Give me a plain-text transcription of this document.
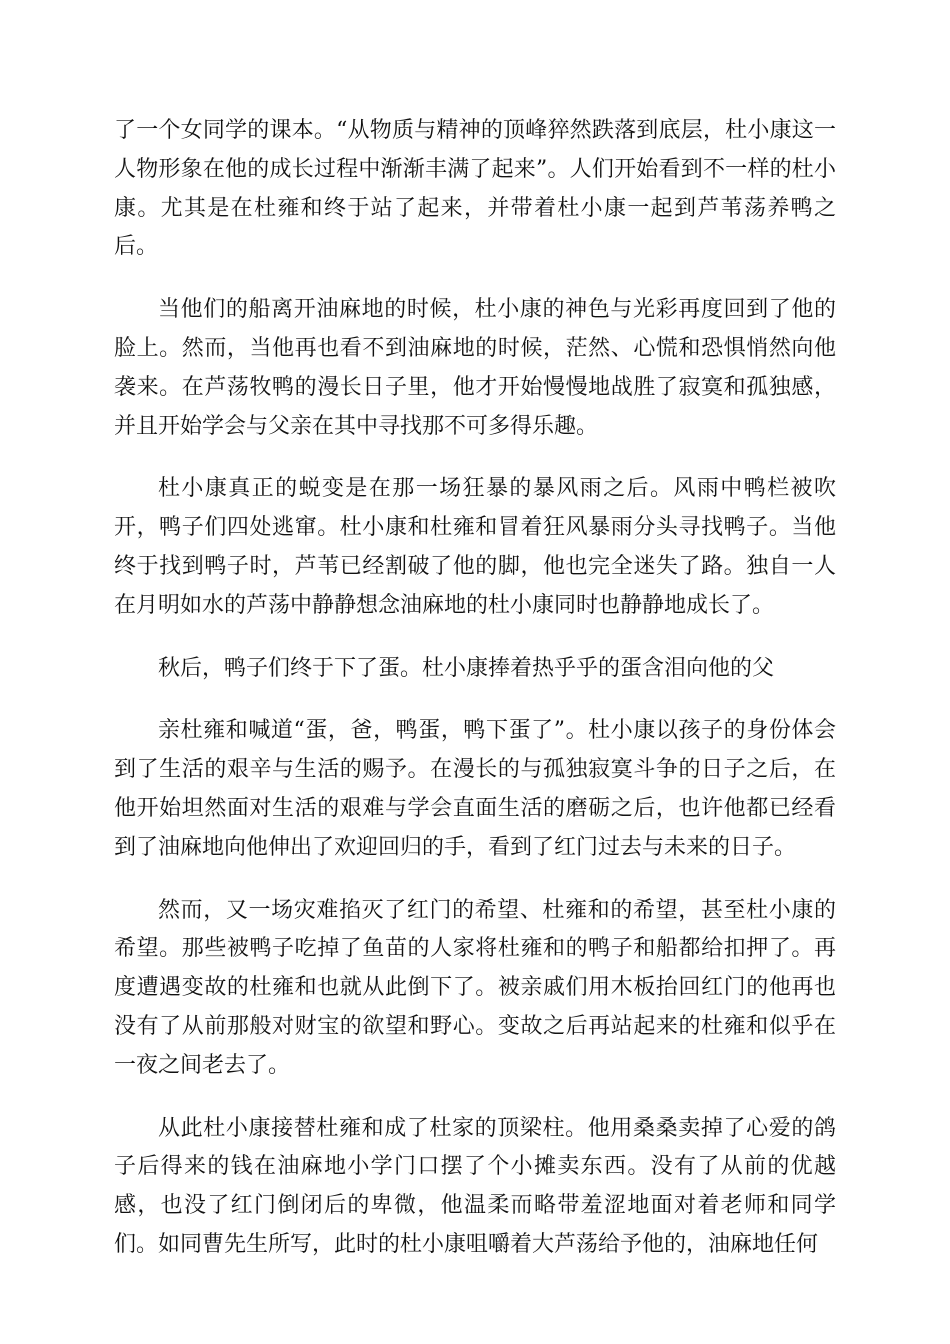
了一个女同学的课本。“从物质与精神的顶峰猝然跌落到底层，杜小康这一人物形象在他的成长过程中渐渐丰满了起来”。人们开始看到不一样的杜小康。尤其是在杜雍和终于站了起来，并带着杜小康一起到芦苇荡养鸭之后。

当他们的船离开油麻地的时候，杜小康的神色与光彩再度回到了他的脸上。然而，当他再也看不到油麻地的时候，茫然、心慌和恐惧悄然向他袭来。在芦荡牧鸭的漫长日子里，他才开始慢慢地战胜了寂寞和孤独感，并且开始学会与父亲在其中寻找那不可多得乐趣。

杜小康真正的蜕变是在那一场狂暴的暴风雨之后。风雨中鸭栏被吹开，鸭子们四处逃窜。杜小康和杜雍和冒着狂风暴雨分头寻找鸭子。当他终于找到鸭子时，芦苇已经割破了他的脚，他也完全迷失了路。独自一人在月明如水的芦荡中静静想念油麻地的杜小康同时也静静地成长了。

秋后，鸭子们终于下了蛋。杜小康捧着热乎乎的蛋含泪向他的父

亲杜雍和喊道“蛋，爸，鸭蛋，鸭下蛋了”。杜小康以孩子的身份体会到了生活的艰辛与生活的赐予。在漫长的与孤独寂寞斗争的日子之后，在他开始坦然面对生活的艰难与学会直面生活的磨砺之后，也许他都已经看到了油麻地向他伸出了欢迎回归的手，看到了红门过去与未来的日子。

然而，又一场灾难掐灭了红门的希望、杜雍和的希望，甚至杜小康的希望。那些被鸭子吃掉了鱼苗的人家将杜雍和的鸭子和船都给扣押了。再度遭遇变故的杜雍和也就从此倒下了。被亲戚们用木板抬回红门的他再也没有了从前那般对财宝的欲望和野心。变故之后再站起来的杜雍和似乎在一夜之间老去了。

从此杜小康接替杜雍和成了杜家的顶梁柱。他用桑桑卖掉了心爱的鸽子后得来的钱在油麻地小学门口摆了个小摊卖东西。没有了从前的优越感，也没了红门倒闭后的卑微，他温柔而略带羞涩地面对着老师和同学们。如同曹先生所写，此时的杜小康咀嚼着大芦荡给予他的，油麻地任何
